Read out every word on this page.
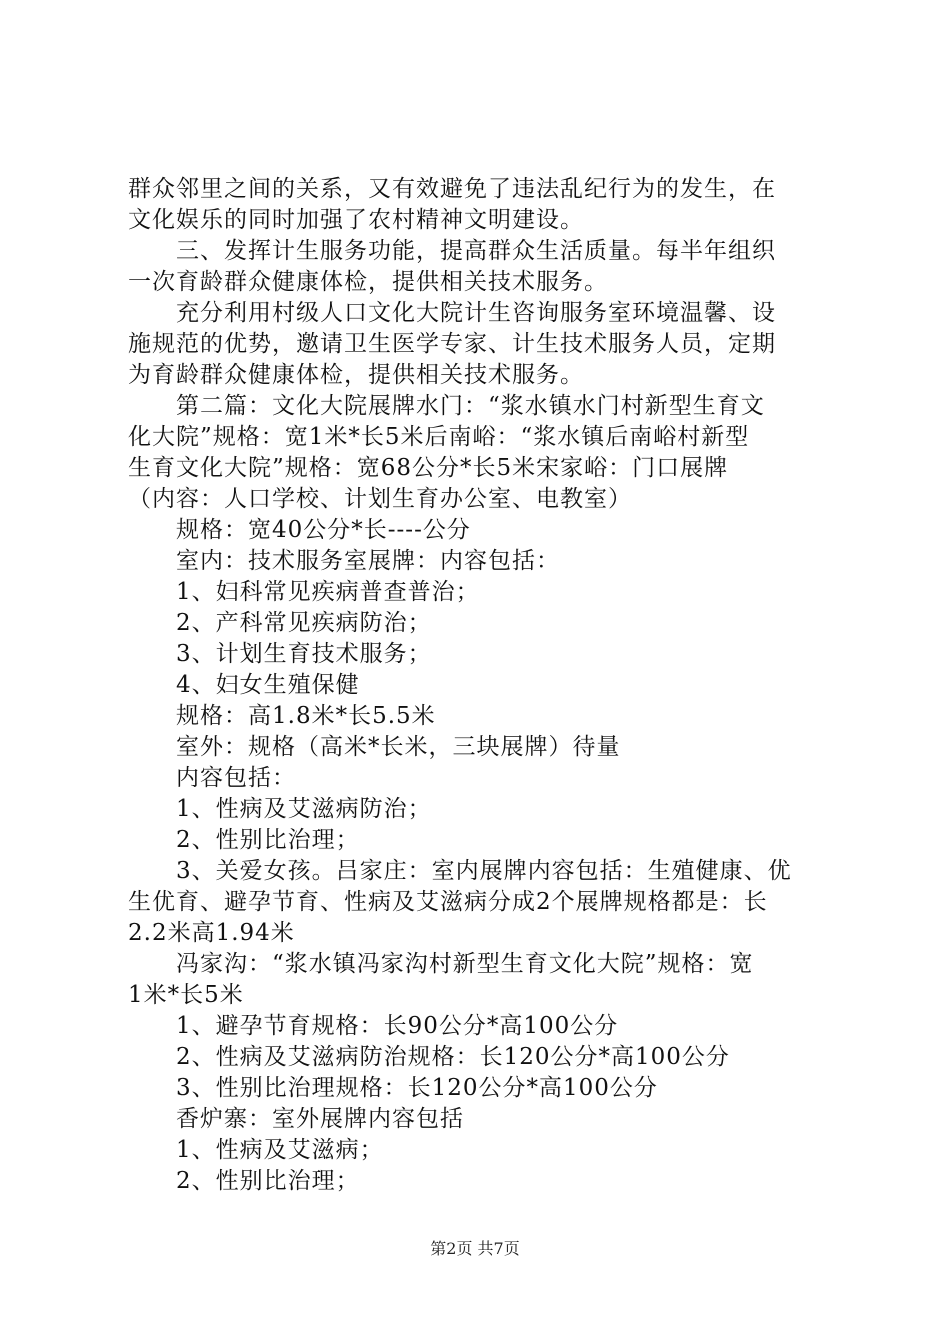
群众邻里之间的关系，又有效避免了违法乱纪行为的发生，在
文化娱乐的同时加强了农村精神文明建设。
三、发挥计生服务功能，提高群众生活质量。每半年组织
一次育龄群众健康体检，提供相关技术服务。
充分利用村级人口文化大院计生咨询服务室环境温馨、设
施规范的优势，邀请卫生医学专家、计生技术服务人员，定期
为育龄群众健康体检，提供相关技术服务。
第二篇：文化大院展牌水门：“浆水镇水门村新型生育文
化大院”规格：宽1米*长5米后南峪：“浆水镇后南峪村新型
生育文化大院”规格：宽68公分*长5米宋家峪：门口展牌
（内容：人口学校、计划生育办公室、电教室）
规格：宽40公分*长----公分
室内：技术服务室展牌：内容包括：
1、妇科常见疾病普查普治；
2、产科常见疾病防治；
3、计划生育技术服务；
4、妇女生殖保健
规格：高1.8米*长5.5米
室外：规格（高米*长米，三块展牌）待量
内容包括：
1、性病及艾滋病防治；
2、性别比治理；
3、关爱女孩。吕家庄：室内展牌内容包括：生殖健康、优
生优育、避孕节育、性病及艾滋病分成2个展牌规格都是：长
2.2米高1.94米
冯家沟：“浆水镇冯家沟村新型生育文化大院”规格：宽
1米*长5米
1、避孕节育规格：长90公分*高100公分
2、性病及艾滋病防治规格：长120公分*高100公分
3、性别比治理规格：长120公分*高100公分
香炉寨：室外展牌内容包括
1、性病及艾滋病；
2、性别比治理；
第2页 共7页
